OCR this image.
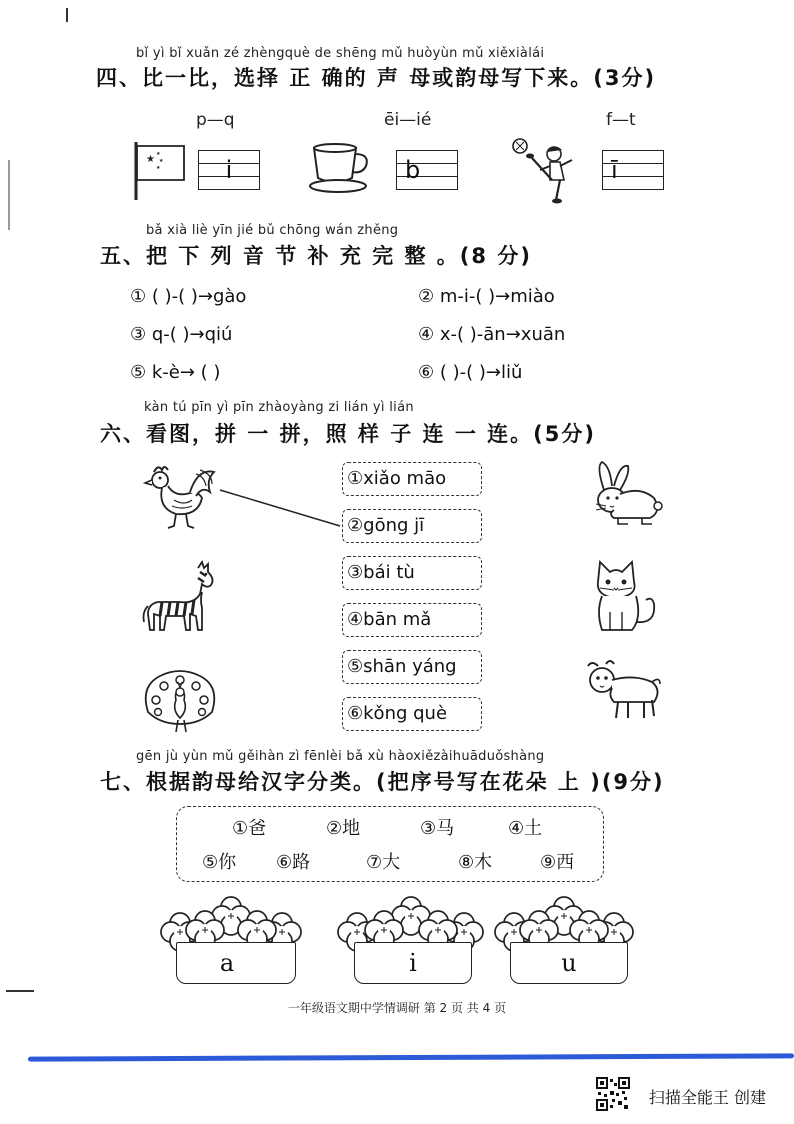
bǐ yì bǐ xuǎn zé zhèngquè de shēng mǔ huòyùn mǔ xiěxiàlái
四、比一比，选择 正 确的 声 母或韵母写下来。(3分)
p—q	ēi—ié	f—t
★ ★
★
★	i	b	ī
bǎ xià liè yīn jié bǔ chōng wán zhěng
五、把 下 列 音 节 补 充 完 整 。(8 分)
① ( )-( )→gào	② m-i-( )→miào
③ q-( )→qiú	④ x-( )-ān→xuān
⑤ k-è→ ( )	⑥ ( )-( )→liǔ
kàn tú pīn yì pīn zhàoyàng zi lián yì lián
六、看图，拼 一 拼，照 样 子 连 一 连。(5分)
①xiǎo māo
②gōng jī
③bái tù
④bān mǎ
⑤shān yáng
⑥kǒng què
gēn jù yùn mǔ gěihàn zì fēnlèi bǎ xù hàoxiězàihuāduǒshàng
七、根据韵母给汉字分类。(把序号写在花朵 上 )(9分)
①爸	②地	③马	④土
⑤你 ⑥路	⑦大	⑧木	⑨西
a	i	u
一年级语文期中学情调研 第 2 页 共 4 页
扫描全能王 创建
